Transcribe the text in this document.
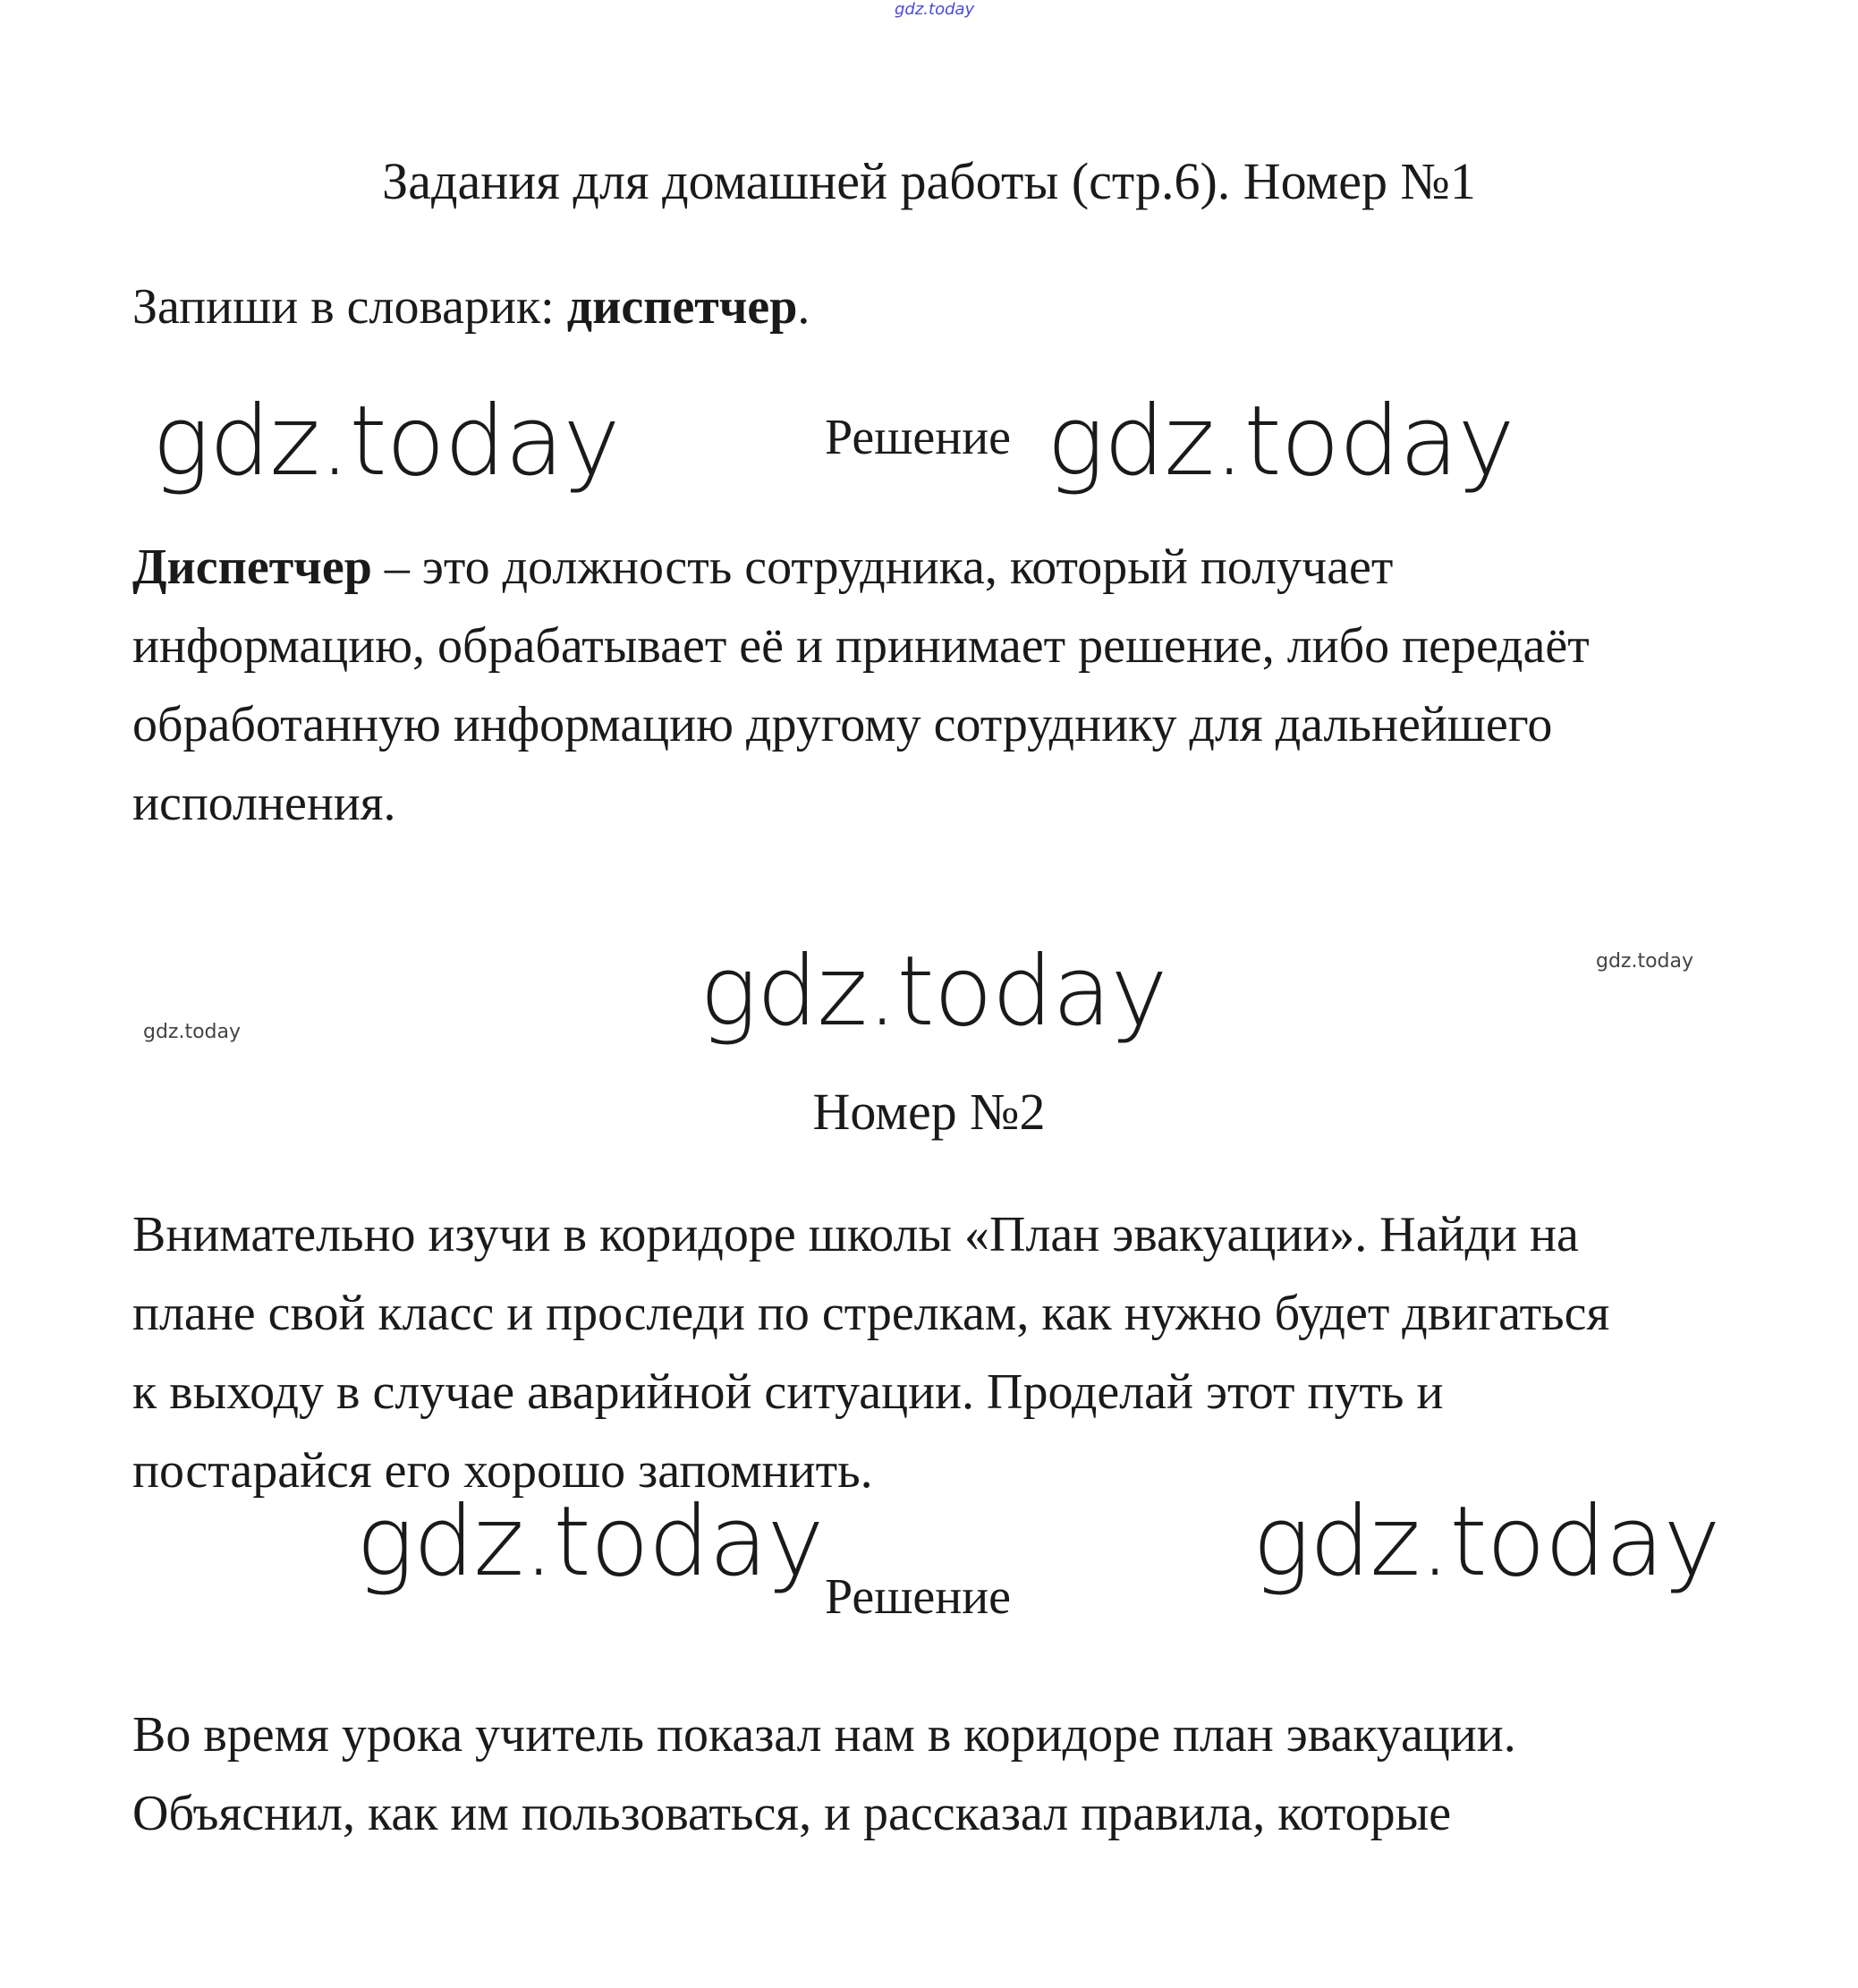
gdz.today
Задания для домашней работы (стр.6). Номер №1
Запиши в словарик: диспетчер.
gdz.today	Решение gdz.today
Диспетчер – это должность сотрудника, который получает
информацию, обрабатывает её и принимает решение, либо передаёт
обработанную информацию другому сотруднику для дальнейшего
исполнения.
gdz.today
gdz.today
gdz.today
Номер №2
Внимательно изучи в коридоре школы «План эвакуации». Найди на
плане свой класс и проследи по стрелкам, как нужно будет двигаться
к выходу в случае аварийной ситуации. Проделай этот путь и
постарайся его хорошо запомнить.
gdz.today Решение gdz.today
Во время урока учитель показал нам в коридоре план эвакуации.
Объяснил, как им пользоваться, и рассказал правила, которые
